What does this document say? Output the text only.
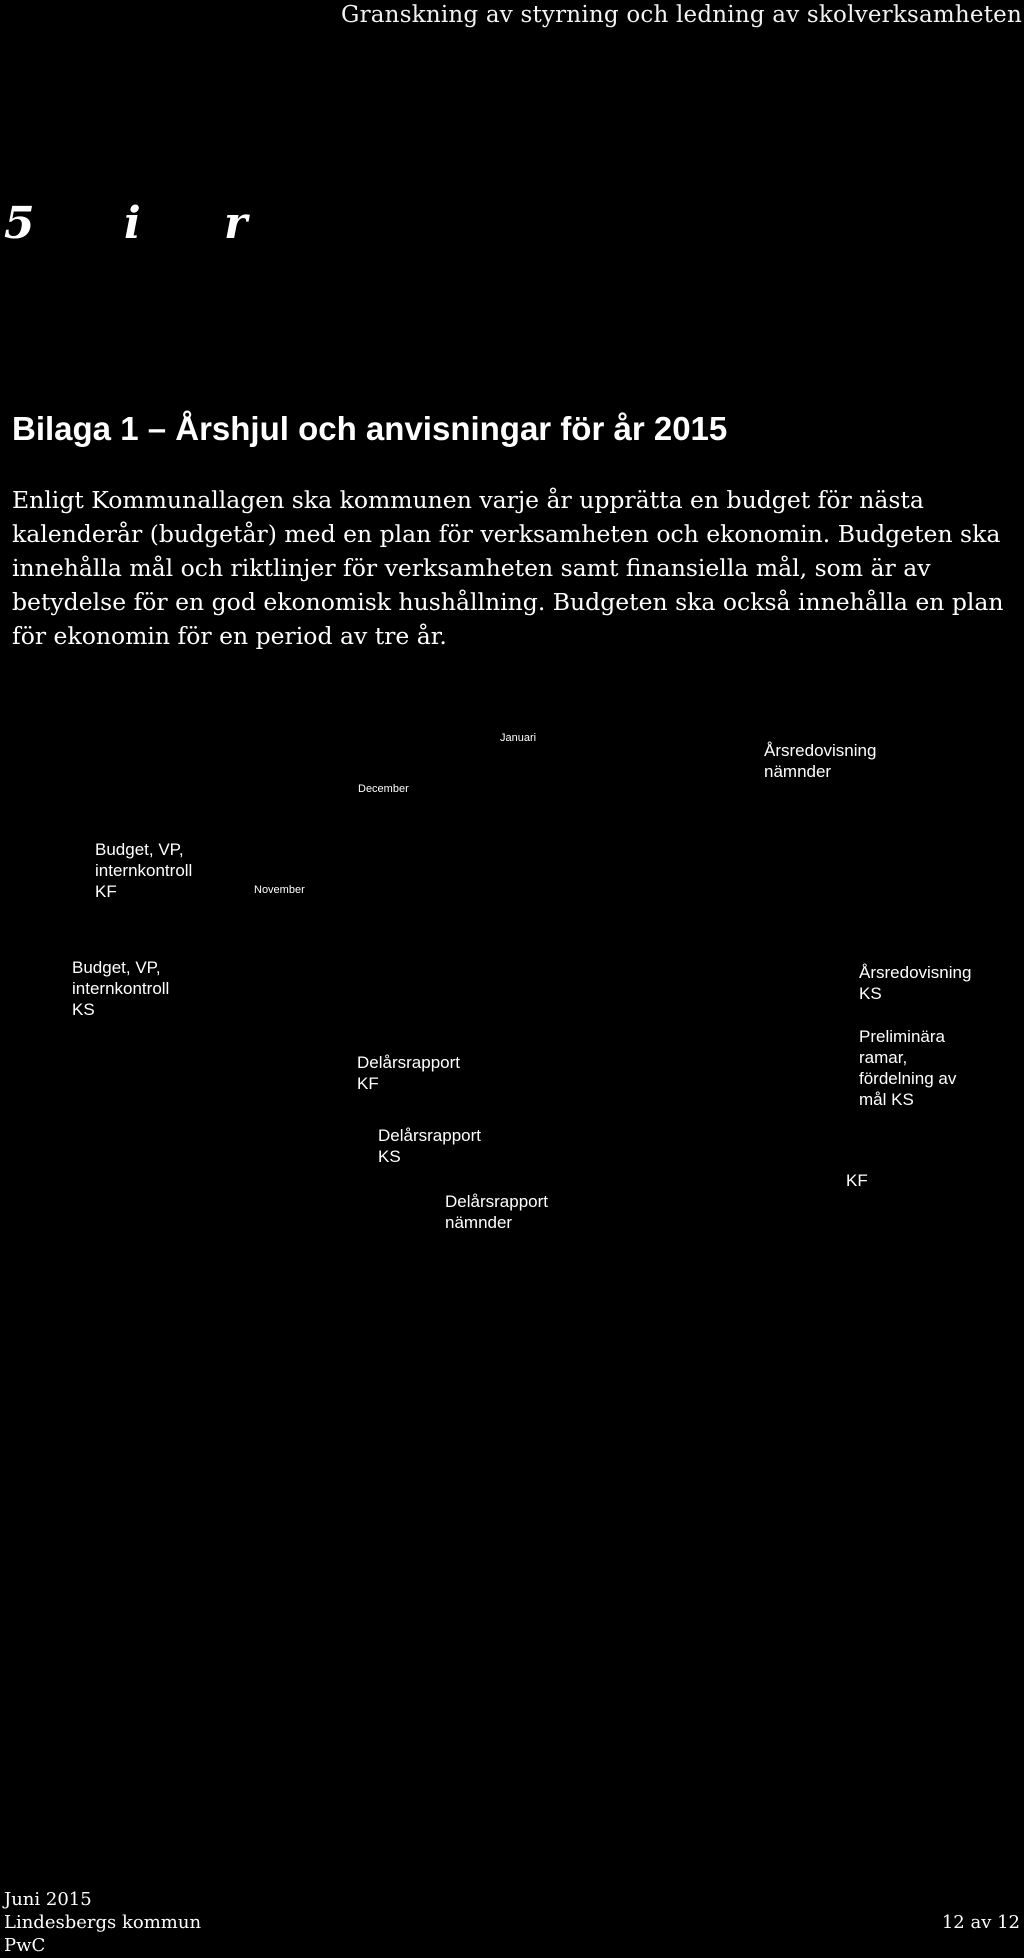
Granskning av styrning och ledning av skolverksamheten
5 i r
Bilaga 1 – Årshjul och anvisningar för år 2015
Enligt Kommunallagen ska kommunen varje år upprätta en budget för nästa kalenderår (budgetår) med en plan för verksamheten och ekonomin. Budgeten ska innehålla mål och riktlinjer för verksamheten samt finansiella mål, som är av betydelse för en god ekonomisk hushållning. Budgeten ska också innehålla en plan för ekonomin för en period av tre år.
Januari
December
November
Årsredovisning
nämnder
Budget, VP,
internkontroll
KF
Budget, VP,
internkontroll
KS
Årsredovisning
KS
Preliminära
ramar,
fördelning av
mål KS
Delårsrapport
KF
Delårsrapport
KS
KF
Delårsrapport
nämnder
Juni 2015
Lindesbergs kommun
PwC
12 av 12
